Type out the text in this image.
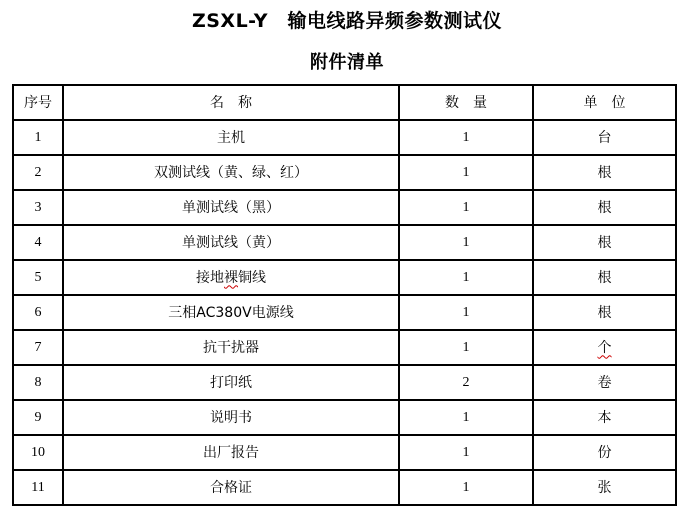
ZSXL-Y　输电线路异频参数测试仪
附件清单
序号	名　称	数　量	单　位
1	主机	1	台
2	双测试线（黄、绿、红）	1	根
3	单测试线（黑）	1	根
4	单测试线（黄）	1	根
5	接地裸铜线	1	根
6	三相AC380V电源线	1	根
7	抗干扰器	1	个
8	打印纸	2	卷
9	说明书	1	本
10	出厂报告	1	份
11	合格证	1	张
